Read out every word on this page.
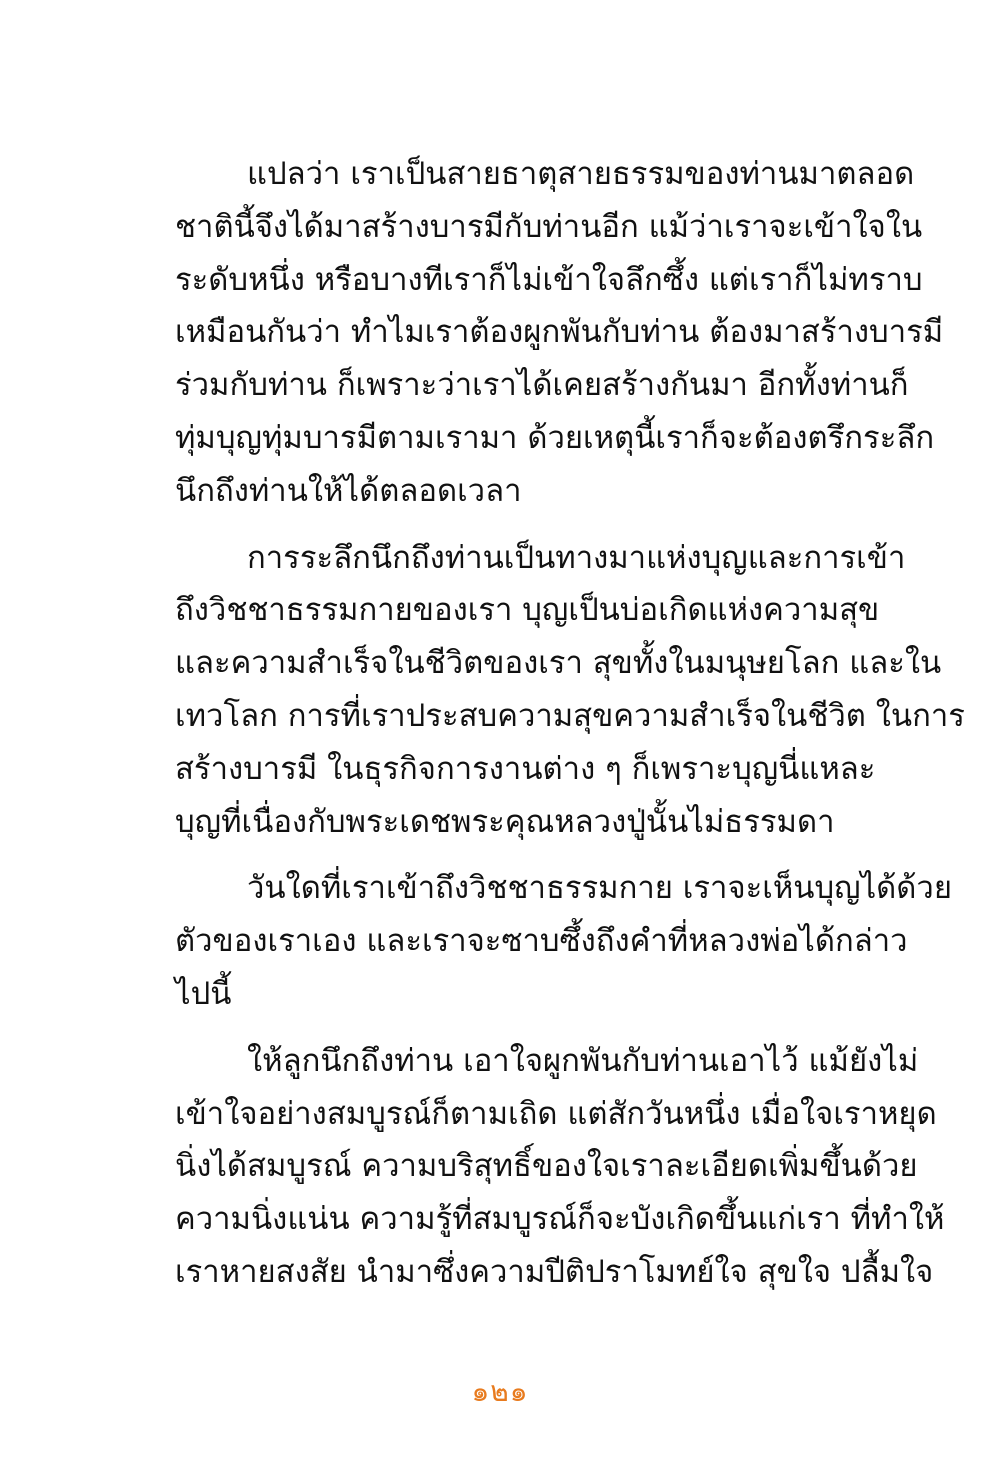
แปลว่า เราเป็นสายธาตุสายธรรมของท่านมาตลอด
ชาตินี้จึงได้มาสร้างบารมีกับท่านอีก แม้ว่าเราจะเข้าใจใน
ระดับหนึ่ง หรือบางทีเราก็ไม่เข้าใจลึกซึ้ง แต่เราก็ไม่ทราบ
เหมือนกันว่า ทำไมเราต้องผูกพันกับท่าน ต้องมาสร้างบารมี
ร่วมกับท่าน ก็เพราะว่าเราได้เคยสร้างกันมา อีกทั้งท่านก็
ทุ่มบุญทุ่มบารมีตามเรามา ด้วยเหตุนี้เราก็จะต้องตรึกระลึก
นึกถึงท่านให้ได้ตลอดเวลา
การระลึกนึกถึงท่านเป็นทางมาแห่งบุญและการเข้า
ถึงวิชชาธรรมกายของเรา บุญเป็นบ่อเกิดแห่งความสุข
และความสำเร็จในชีวิตของเรา สุขทั้งในมนุษยโลก และใน
เทวโลก การที่เราประสบความสุขความสำเร็จในชีวิต ในการ
สร้างบารมี ในธุรกิจการงานต่าง ๆ ก็เพราะบุญนี่แหละ
บุญที่เนื่องกับพระเดชพระคุณหลวงปู่นั้นไม่ธรรมดา
วันใดที่เราเข้าถึงวิชชาธรรมกาย เราจะเห็นบุญได้ด้วย
ตัวของเราเอง และเราจะซาบซึ้งถึงคำที่หลวงพ่อได้กล่าว
ไปนี้
ให้ลูกนึกถึงท่าน เอาใจผูกพันกับท่านเอาไว้ แม้ยังไม่
เข้าใจอย่างสมบูรณ์ก็ตามเถิด แต่สักวันหนึ่ง เมื่อใจเราหยุด
นิ่งได้สมบูรณ์ ความบริสุทธิ์ของใจเราละเอียดเพิ่มขึ้นด้วย
ความนิ่งแน่น ความรู้ที่สมบูรณ์ก็จะบังเกิดขึ้นแก่เรา ที่ทำให้
เราหายสงสัย นำมาซึ่งความปีติปราโมทย์ใจ สุขใจ ปลื้มใจ
๑๒๑
